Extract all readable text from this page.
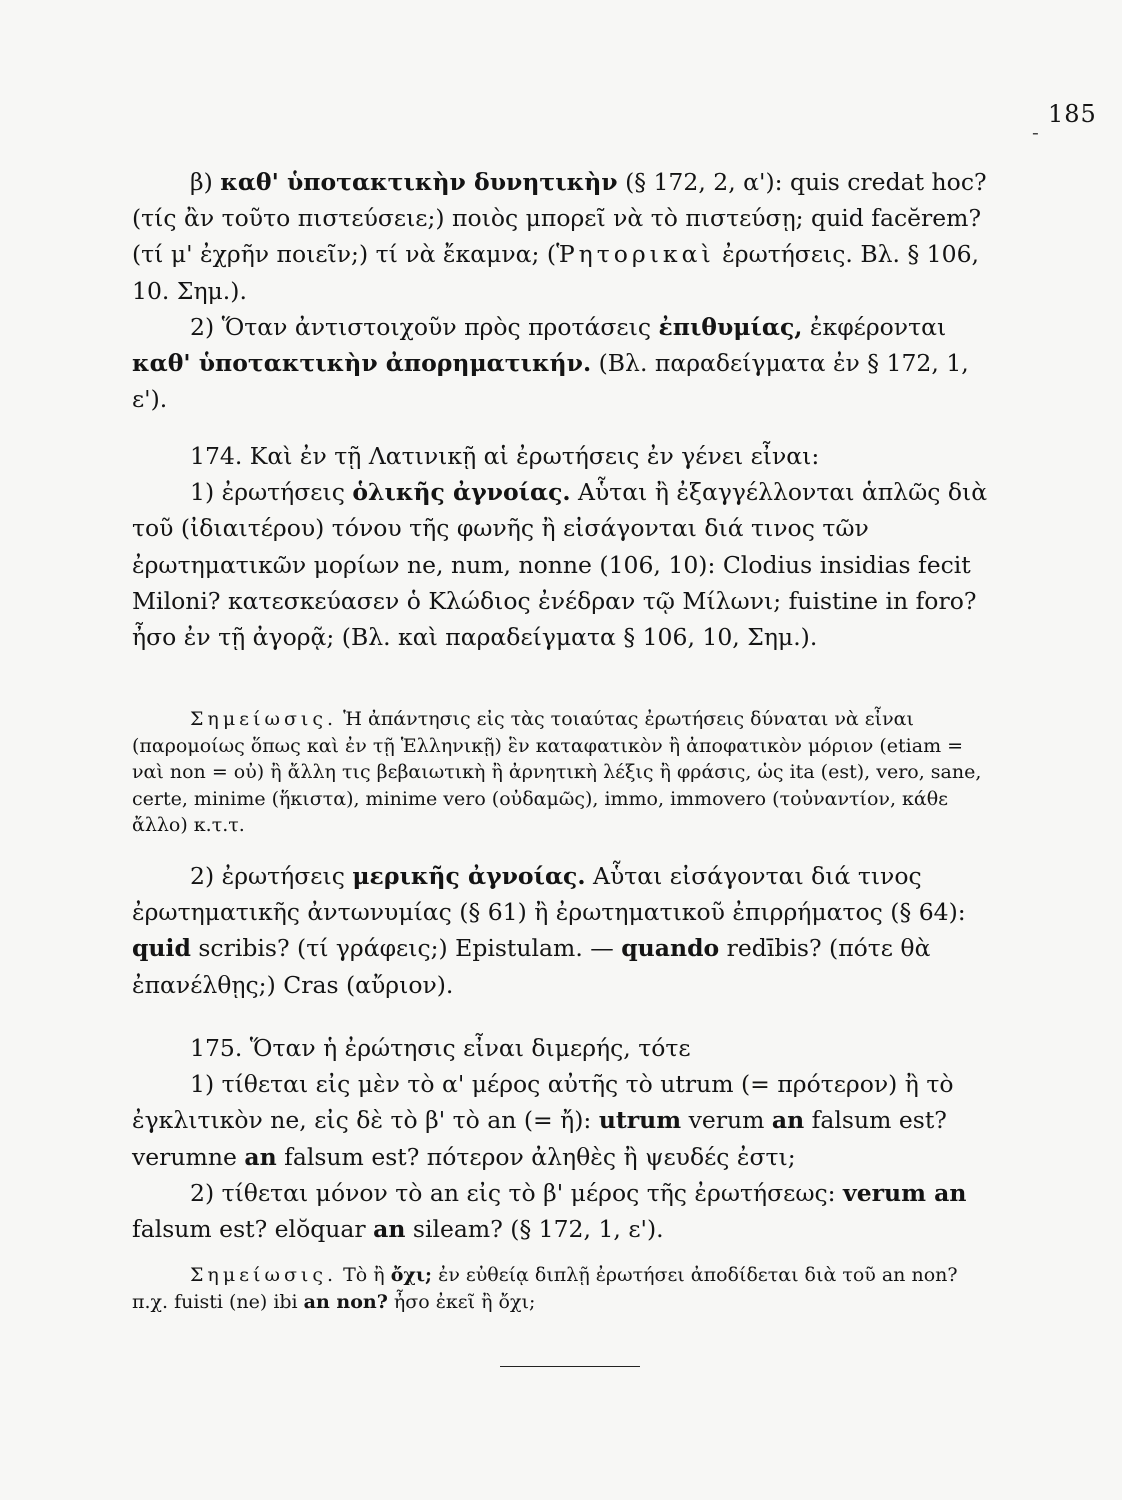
185
-

β) καθ' ὑποτακτικὴν δυνητικὴν (§ 172, 2, α'): quis credat hoc? (τίς ἂν τοῦτο πιστεύσειε;) ποιὸς μπορεῖ νὰ τὸ πιστεύσῃ; quid facĕrem? (τί μ' ἐχρῆν ποιεῖν;) τί νὰ ἔκαμνα; (Ῥητορικαὶ ἐρωτήσεις. Βλ. § 106, 10. Σημ.).

2) Ὅταν ἀντιστοιχοῦν πρὸς προτάσεις ἐπιθυμίας, ἐκφέρονται καθ' ὑποτακτικὴν ἀπορηματικήν. (Βλ. παραδείγματα ἐν § 172, 1, ε').

174. Καὶ ἐν τῇ Λατινικῇ αἱ ἐρωτήσεις ἐν γένει εἶναι:

1) ἐρωτήσεις ὁλικῆς ἀγνοίας. Αὗται ἢ ἐξαγγέλλονται ἁπλῶς διὰ τοῦ (ἰδιαιτέρου) τόνου τῆς φωνῆς ἢ εἰσάγονται διά τινος τῶν ἐρωτηματικῶν μορίων ne, num, nonne (106, 10): Clodius insidias fecit Miloni? κατεσκεύασεν ὁ Κλώδιος ἐνέδραν τῷ Μίλωνι; fuistine in foro? ἦσο ἐν τῇ ἀγορᾷ; (Βλ. καὶ παραδείγματα § 106, 10, Σημ.).

Σημείωσις. Ἡ ἀπάντησις εἰς τὰς τοιαύτας ἐρωτήσεις δύναται νὰ εἶναι (παρομοίως ὅπως καὶ ἐν τῇ Ἑλληνικῇ) ἓν καταφατικὸν ἢ ἀποφατικὸν μόριον (etiam = ναὶ non = οὐ) ἢ ἄλλη τις βεβαιωτικὴ ἢ ἀρνητικὴ λέξις ἢ φράσις, ὡς ita (est), vero, sane, certe, minime (ἥκιστα), minime vero (οὐδαμῶς), immo, immovero (τοὐναντίον, κάθε ἄλλο) κ.τ.τ.

2) ἐρωτήσεις μερικῆς ἀγνοίας. Αὗται εἰσάγονται διά τινος ἐρωτηματικῆς ἀντωνυμίας (§ 61) ἢ ἐρωτηματικοῦ ἐπιρρήματος (§ 64): quid scribis? (τί γράφεις;) Epistulam. — quando redībis? (πότε θὰ ἐπανέλθῃς;) Cras (αὔριον).

175. Ὅταν ἡ ἐρώτησις εἶναι διμερής, τότε

1) τίθεται εἰς μὲν τὸ α' μέρος αὐτῆς τὸ utrum (= πρότερον) ἢ τὸ ἐγκλιτικὸν ne, εἰς δὲ τὸ β' τὸ an (= ἤ): utrum verum an falsum est? verumne an falsum est? πότερον ἀληθὲς ἢ ψευδές ἐστι;

2) τίθεται μόνον τὸ an εἰς τὸ β' μέρος τῆς ἐρωτήσεως: verum an falsum est? elŏquar an sileam? (§ 172, 1, ε').

Σημείωσις. Τὸ ἢ ὄχι; ἐν εὐθείᾳ διπλῇ ἐρωτήσει ἀποδίδεται διὰ τοῦ an non? π.χ. fuisti (ne) ibi an non? ἦσο ἐκεῖ ἢ ὄχι;
